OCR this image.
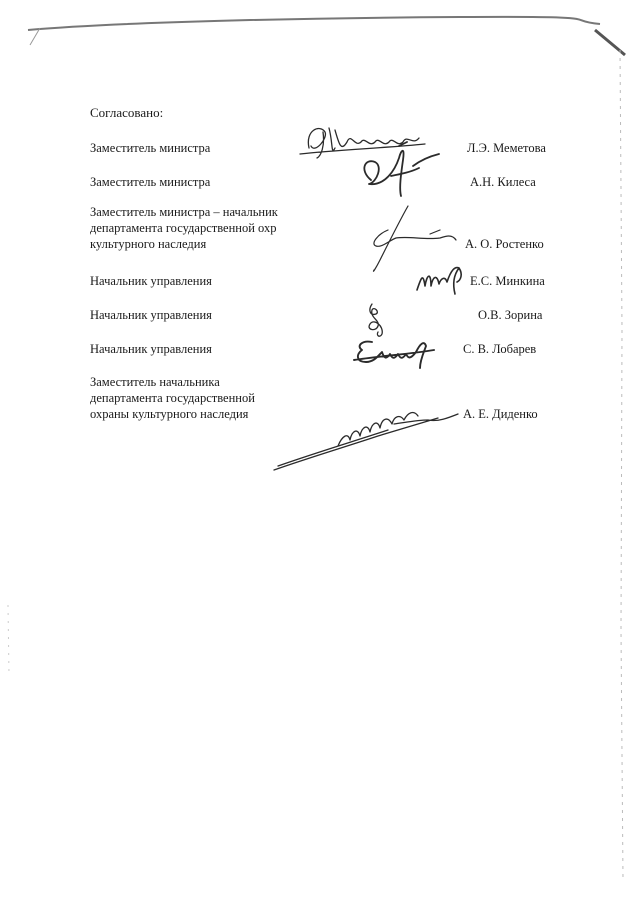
Согласовано:
Заместитель министра	Л.Э. Меметова
Заместитель министра	А.Н. Килеса
Заместитель министра – начальник
департамента государственной охр
культурного наследия	А. О. Ростенко
Начальник управления	Е.С. Минкина
Начальник управления	О.В. Зорина
Начальник управления	С. В. Лобарев
Заместитель начальника
департамента государственной
охраны культурного наследия	А. Е. Диденко
